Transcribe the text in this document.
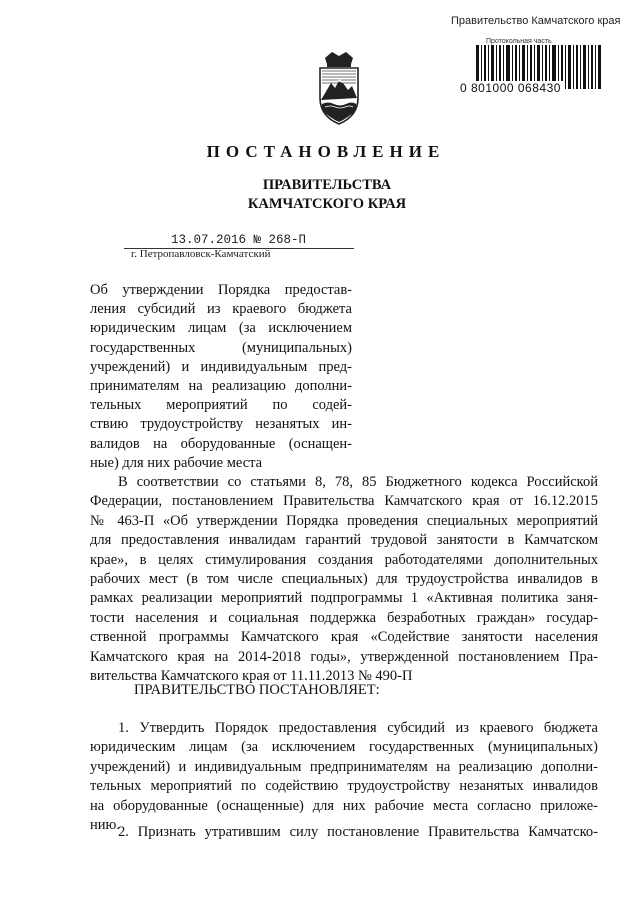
Правительство Камчатского края
Протокольная часть
0 801000 068430
ПОСТАНОВЛЕНИЕ
ПРАВИТЕЛЬСТВА
КАМЧАТСКОГО КРАЯ
13.07.2016 № 268-П
г. Петропавловск-Камчатский
Об утверждении Порядка предостав-
ления субсидий из краевого бюджета
юридическим лицам (за исключением
государственных (муниципальных)
учреждений) и индивидуальным пред-
принимателям на реализацию дополни-
тельных мероприятий по содей-
ствию трудоустройству незанятых ин-
валидов на оборудованные (оснащен-
ные) для них рабочие места
В соответствии со статьями 8, 78, 85 Бюджетного кодекса Российской
Федерации, постановлением Правительства Камчатского края от 16.12.2015
№ 463-П «Об утверждении Порядка проведения специальных мероприятий
для предоставления инвалидам гарантий трудовой занятости в Камчатском
крае», в целях стимулирования создания работодателями дополнительных
рабочих мест (в том числе специальных) для трудоустройства инвалидов в
рамках реализации мероприятий подпрограммы 1 «Активная политика заня-
тости населения и социальная поддержка безработных граждан» государ-
ственной программы Камчатского края «Содействие занятости населения
Камчатского края на 2014-2018 годы», утвержденной постановлением Пра-
вительства Камчатского края от 11.11.2013 № 490-П
ПРАВИТЕЛЬСТВО ПОСТАНОВЛЯЕТ:
1. Утвердить Порядок предоставления субсидий из краевого бюджета
юридическим лицам (за исключением государственных (муниципальных)
учреждений) и индивидуальным предпринимателям на реализацию дополни-
тельных мероприятий по содействию трудоустройству незанятых инвалидов
на оборудованные (оснащенные) для них рабочие места согласно приложе-
нию.
2. Признать утратившим силу постановление Правительства Камчатско-
